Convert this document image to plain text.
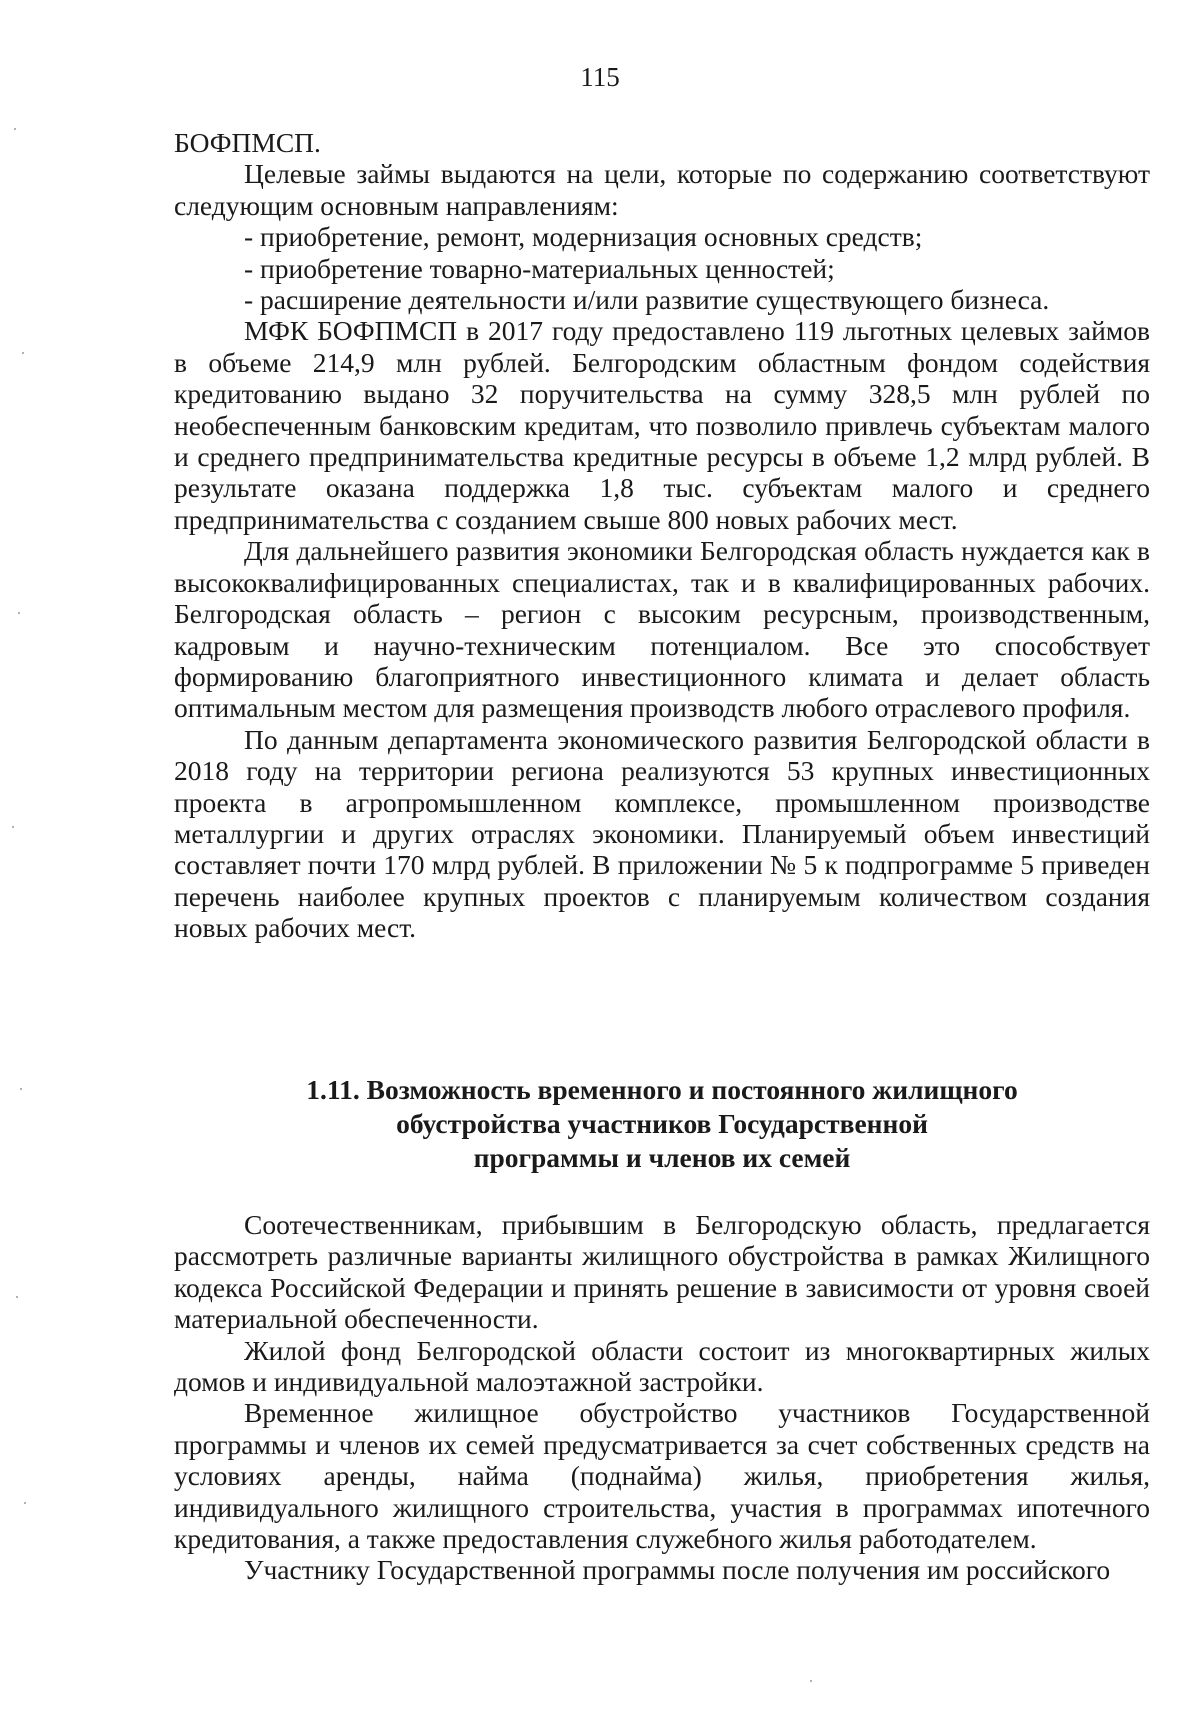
115

БОФПМСП.

Целевые займы выдаются на цели, которые по содержанию соответствуют следующим основным направлениям:

- приобретение, ремонт, модернизация основных средств;

- приобретение товарно-материальных ценностей;

- расширение деятельности и/или развитие существующего бизнеса.

МФК БОФПМСП в 2017 году предоставлено 119 льготных целевых займов в объеме 214,9 млн рублей. Белгородским областным фондом содействия кредитованию выдано 32 поручительства на сумму 328,5 млн рублей по необеспеченным банковским кредитам, что позволило привлечь субъектам малого и среднего предпринимательства кредитные ресурсы в объеме 1,2 млрд рублей. В результате оказана поддержка 1,8 тыс. субъектам малого и среднего предпринимательства с созданием свыше 800 новых рабочих мест.

Для дальнейшего развития экономики Белгородская область нуждается как в высококвалифицированных специалистах, так и в квалифицированных рабочих. Белгородская область – регион с высоким ресурсным, производственным, кадровым и научно-техническим потенциалом. Все это способствует формированию благоприятного инвестиционного климата и делает область оптимальным местом для размещения производств любого отраслевого профиля.

По данным департамента экономического развития Белгородской области в 2018 году на территории региона реализуются 53 крупных инвестиционных проекта в агропромышленном комплексе, промышленном производстве металлургии и других отраслях экономики. Планируемый объем инвестиций составляет почти 170 млрд рублей. В приложении № 5 к подпрограмме 5 приведен перечень наиболее крупных проектов с планируемым количеством создания новых рабочих мест.

1.11. Возможность временного и постоянного жилищного
обустройства участников Государственной
программы и членов их семей

Соотечественникам, прибывшим в Белгородскую область, предлагается рассмотреть различные варианты жилищного обустройства в рамках Жилищного кодекса Российской Федерации и принять решение в зависимости от уровня своей материальной обеспеченности.

Жилой фонд Белгородской области состоит из многоквартирных жилых домов и индивидуальной малоэтажной застройки.

Временное жилищное обустройство участников Государственной программы и членов их семей предусматривается за счет собственных средств на условиях аренды, найма (поднайма) жилья, приобретения жилья, индивидуального жилищного строительства, участия в программах ипотечного кредитования, а также предоставления служебного жилья работодателем.

Участнику Государственной программы после получения им российского
